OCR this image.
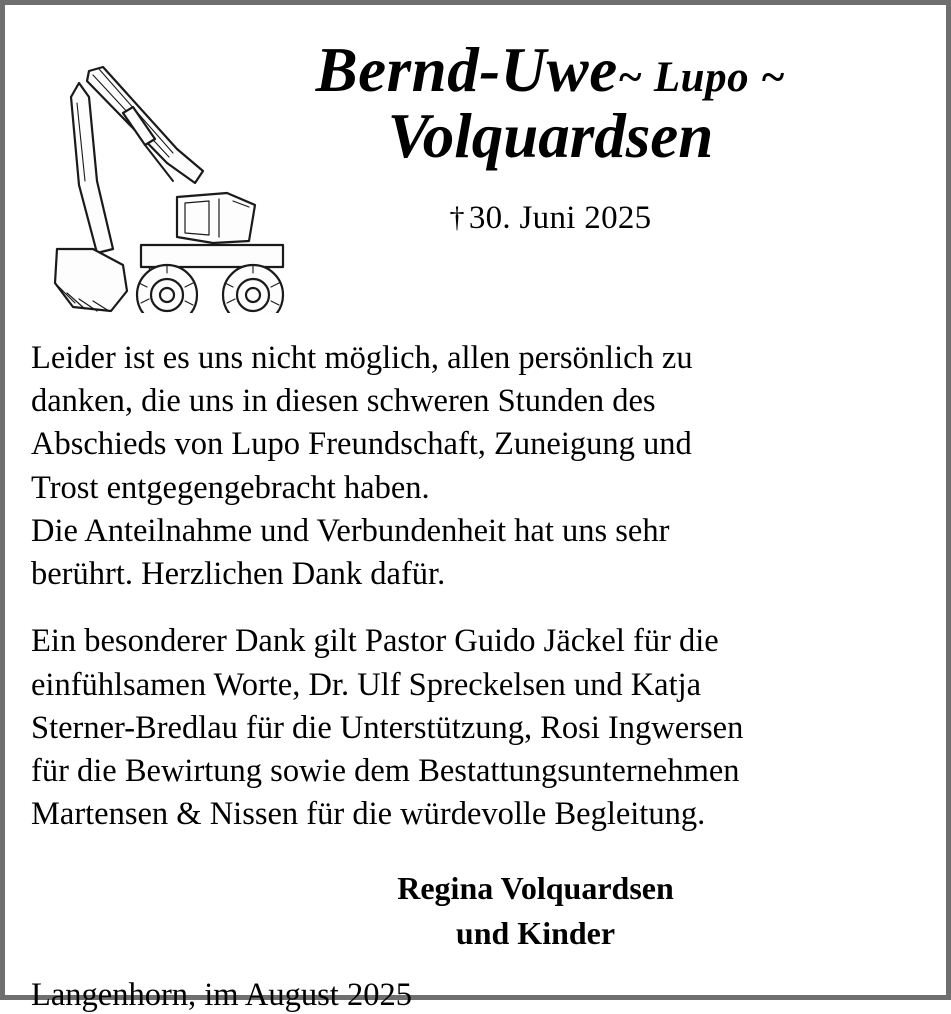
Bernd-Uwe~ Lupo ~
Volquardsen
† 30. Juni 2025
Leider ist es uns nicht möglich, allen persönlich zu
danken, die uns in diesen schweren Stunden des
Abschieds von Lupo Freundschaft, Zuneigung und
Trost entgegengebracht haben.
Die Anteilnahme und Verbundenheit hat uns sehr
berührt. Herzlichen Dank dafür.
Ein besonderer Dank gilt Pastor Guido Jäckel für die
einfühlsamen Worte, Dr. Ulf Spreckelsen und Katja
Sterner-Bredlau für die Unterstützung, Rosi Ingwersen
für die Bewirtung sowie dem Bestattungsunternehmen
Martensen & Nissen für die würdevolle Begleitung.
Regina Volquardsen
und Kinder
Langenhorn, im August 2025
